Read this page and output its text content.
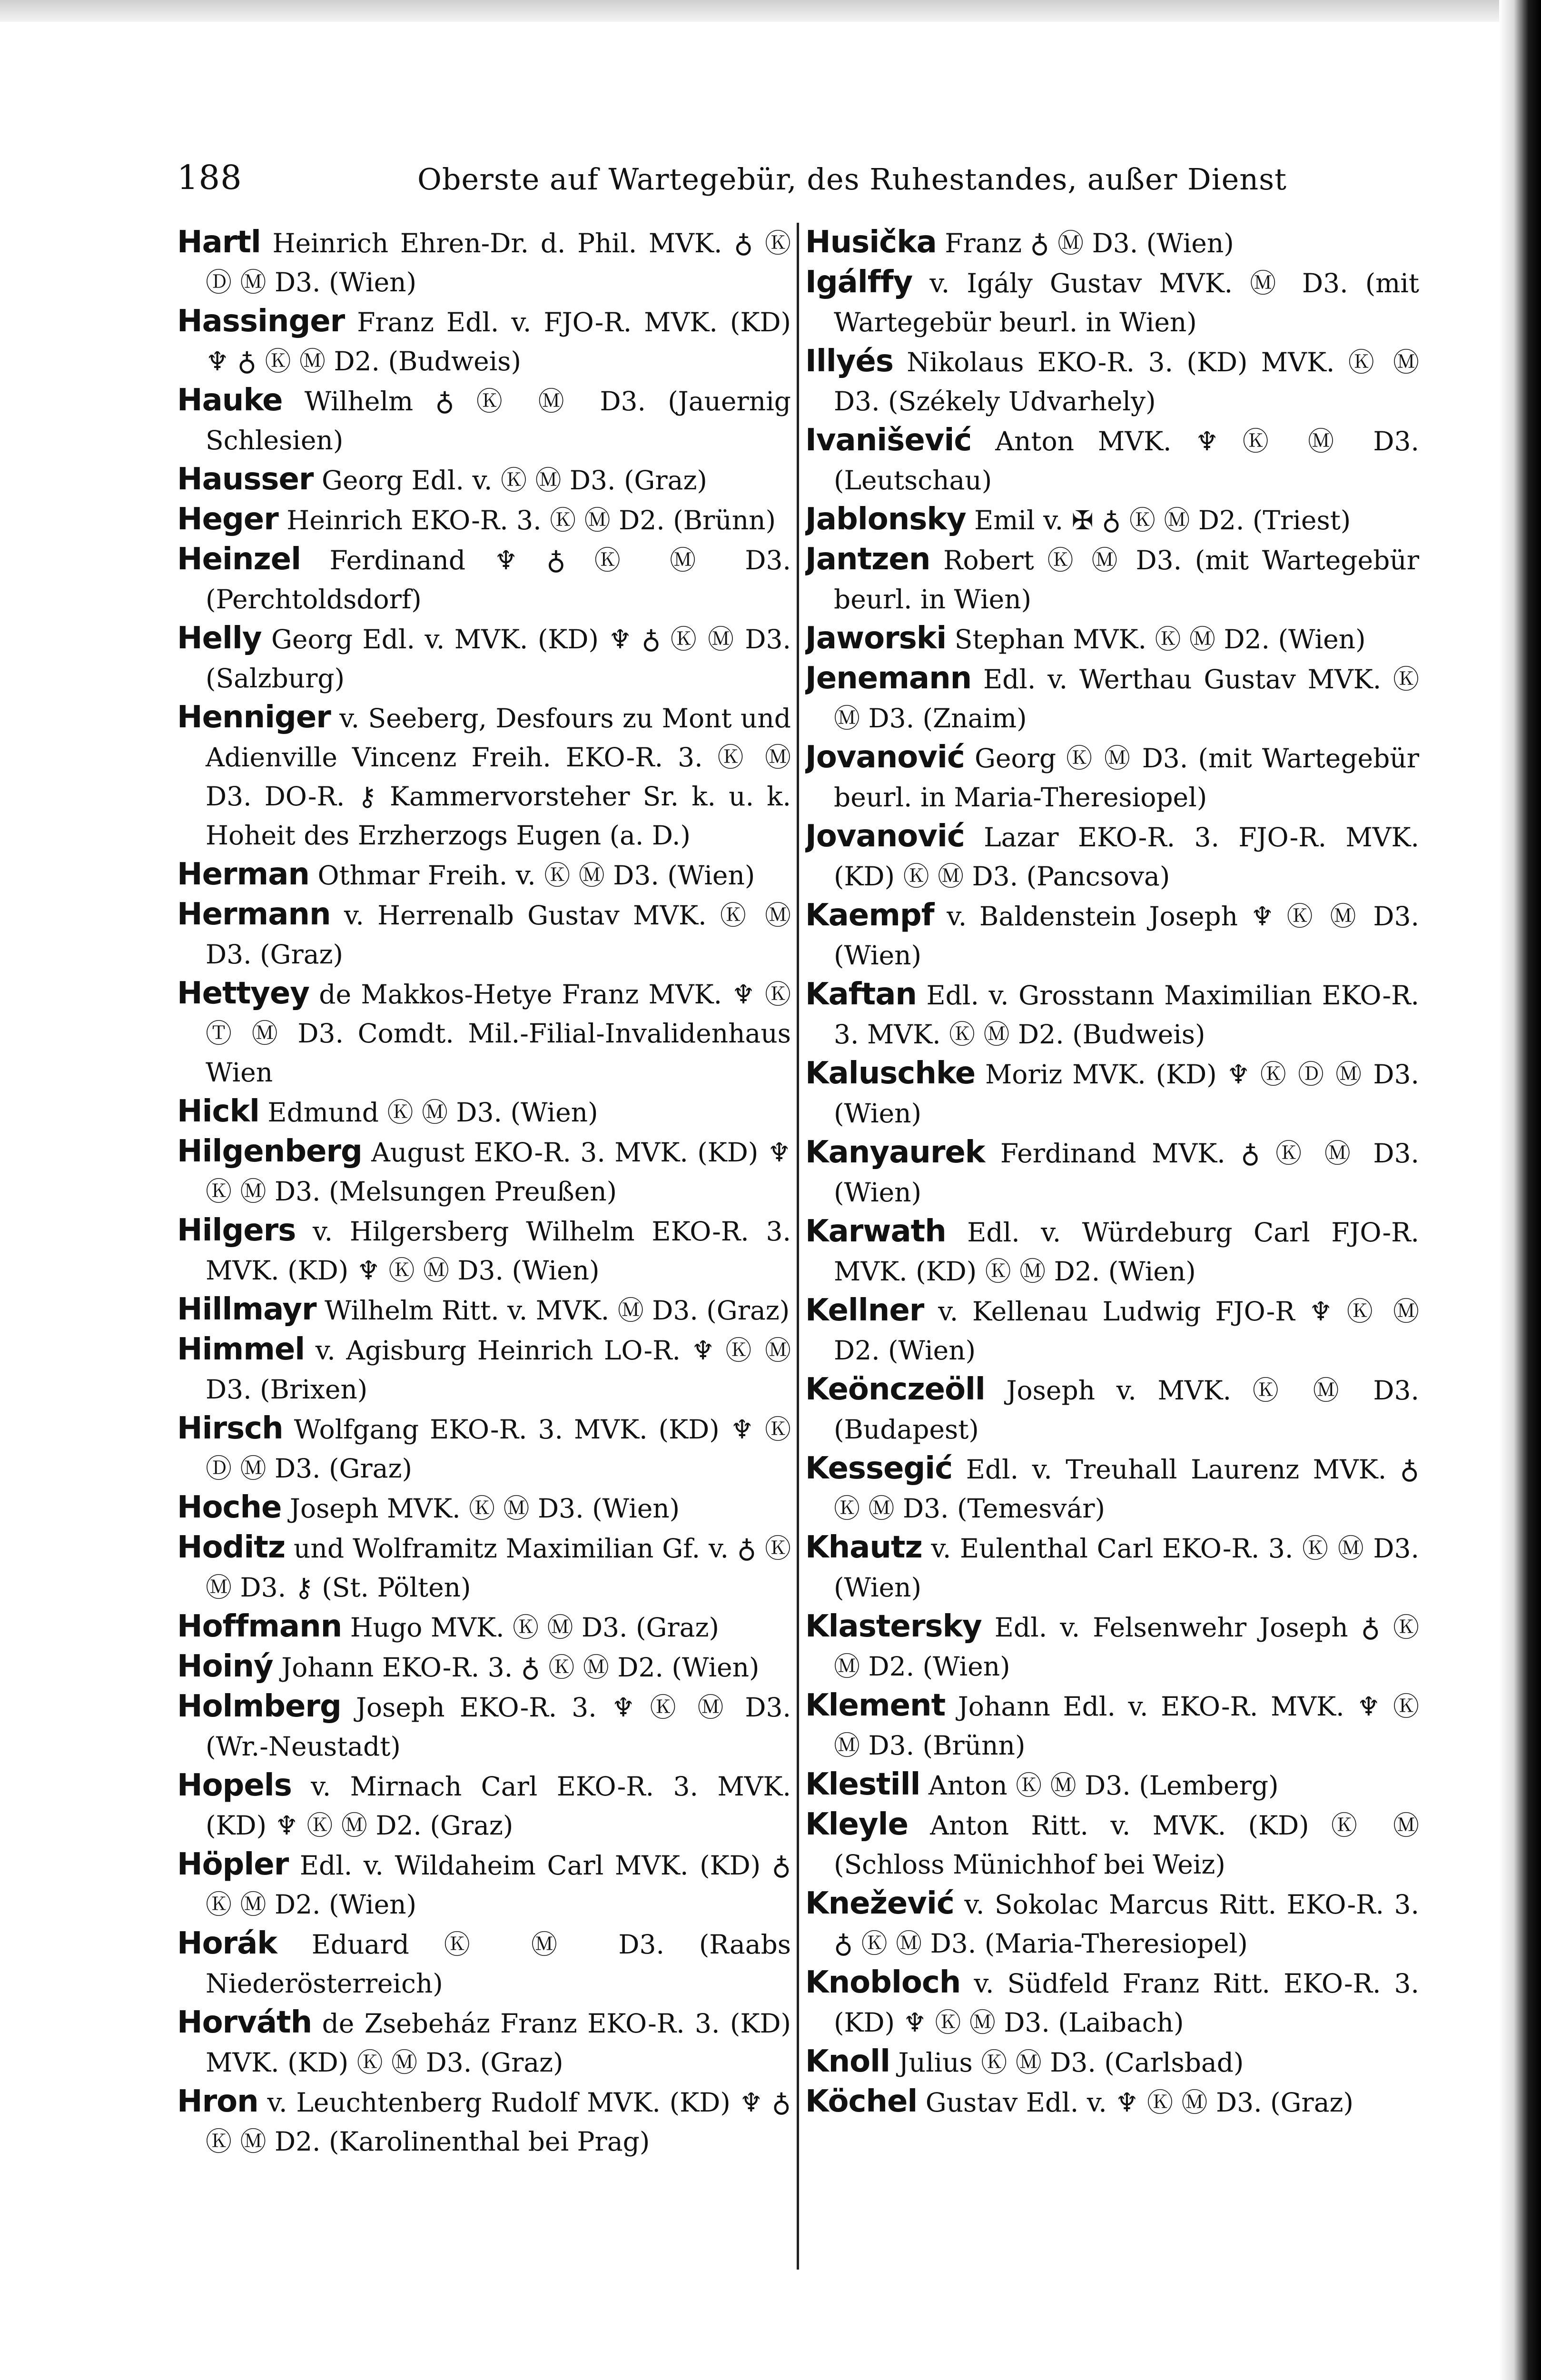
188	Oberste auf Wartegebür, des Ruhestandes, außer Dienst
Hartl Heinrich Ehren-Dr. d. Phil. MVK. ♁ Ⓚ Ⓓ Ⓜ D3. (Wien)
Hassinger Franz Edl. v. FJO-R. MVK. (KD) ♆ ♁ Ⓚ Ⓜ D2. (Budweis)
Hauke Wilhelm ♁ Ⓚ Ⓜ D3. (Jauernig Schlesien)
Hausser Georg Edl. v. Ⓚ Ⓜ D3. (Graz)
Heger Heinrich EKO-R. 3. Ⓚ Ⓜ D2. (Brünn)
Heinzel Ferdinand ♆ ♁ Ⓚ Ⓜ D3. (Perchtoldsdorf)
Helly Georg Edl. v. MVK. (KD) ♆ ♁ Ⓚ Ⓜ D3. (Salzburg)
Henniger v. Seeberg, Desfours zu Mont und Adienville Vincenz Freih. EKO-R. 3. Ⓚ Ⓜ D3. DO-R. ⚷ Kammervorsteher Sr. k. u. k. Hoheit des Erzherzogs Eugen (a. D.)
Herman Othmar Freih. v. Ⓚ Ⓜ D3. (Wien)
Hermann v. Herrenalb Gustav MVK. Ⓚ Ⓜ D3. (Graz)
Hettyey de Makkos-Hetye Franz MVK. ♆ Ⓚ Ⓣ Ⓜ D3. Comdt. Mil.-Filial-Invalidenhaus Wien
Hickl Edmund Ⓚ Ⓜ D3. (Wien)
Hilgenberg August EKO-R. 3. MVK. (KD) ♆ Ⓚ Ⓜ D3. (Melsungen Preußen)
Hilgers v. Hilgersberg Wilhelm EKO-R. 3. MVK. (KD) ♆ Ⓚ Ⓜ D3. (Wien)
Hillmayr Wilhelm Ritt. v. MVK. Ⓜ D3. (Graz)
Himmel v. Agisburg Heinrich LO-R. ♆ Ⓚ Ⓜ D3. (Brixen)
Hirsch Wolfgang EKO-R. 3. MVK. (KD) ♆ Ⓚ Ⓓ Ⓜ D3. (Graz)
Hoche Joseph MVK. Ⓚ Ⓜ D3. (Wien)
Hoditz und Wolframitz Maximilian Gf. v. ♁ Ⓚ Ⓜ D3. ⚷ (St. Pölten)
Hoffmann Hugo MVK. Ⓚ Ⓜ D3. (Graz)
Hoiný Johann EKO-R. 3. ♁ Ⓚ Ⓜ D2. (Wien)
Holmberg Joseph EKO-R. 3. ♆ Ⓚ Ⓜ D3. (Wr.-Neustadt)
Hopels v. Mirnach Carl EKO-R. 3. MVK. (KD) ♆ Ⓚ Ⓜ D2. (Graz)
Höpler Edl. v. Wildaheim Carl MVK. (KD) ♁ Ⓚ Ⓜ D2. (Wien)
Horák Eduard Ⓚ Ⓜ D3. (Raabs Niederösterreich)
Horváth de Zsebeház Franz EKO-R. 3. (KD) MVK. (KD) Ⓚ Ⓜ D3. (Graz)
Hron v. Leuchtenberg Rudolf MVK. (KD) ♆ ♁ Ⓚ Ⓜ D2. (Karolinenthal bei Prag)
Husička Franz ♁ Ⓜ D3. (Wien)
Igálffy v. Igály Gustav MVK. Ⓜ D3. (mit Wartegebür beurl. in Wien)
Illyés Nikolaus EKO-R. 3. (KD) MVK. Ⓚ Ⓜ D3. (Székely Udvarhely)
Ivanišević Anton MVK. ♆ Ⓚ Ⓜ D3. (Leutschau)
Jablonsky Emil v. ✠ ♁ Ⓚ Ⓜ D2. (Triest)
Jantzen Robert Ⓚ Ⓜ D3. (mit Wartegebür beurl. in Wien)
Jaworski Stephan MVK. Ⓚ Ⓜ D2. (Wien)
Jenemann Edl. v. Werthau Gustav MVK. Ⓚ Ⓜ D3. (Znaim)
Jovanović Georg Ⓚ Ⓜ D3. (mit Wartegebür beurl. in Maria-Theresiopel)
Jovanović Lazar EKO-R. 3. FJO-R. MVK. (KD) Ⓚ Ⓜ D3. (Pancsova)
Kaempf v. Baldenstein Joseph ♆ Ⓚ Ⓜ D3. (Wien)
Kaftan Edl. v. Grosstann Maximilian EKO-R. 3. MVK. Ⓚ Ⓜ D2. (Budweis)
Kaluschke Moriz MVK. (KD) ♆ Ⓚ Ⓓ Ⓜ D3. (Wien)
Kanyaurek Ferdinand MVK. ♁ Ⓚ Ⓜ D3. (Wien)
Karwath Edl. v. Würdeburg Carl FJO-R. MVK. (KD) Ⓚ Ⓜ D2. (Wien)
Kellner v. Kellenau Ludwig FJO-R ♆ Ⓚ Ⓜ D2. (Wien)
Keönczeöll Joseph v. MVK. Ⓚ Ⓜ D3. (Budapest)
Kessegić Edl. v. Treuhall Laurenz MVK. ♁ Ⓚ Ⓜ D3. (Temesvár)
Khautz v. Eulenthal Carl EKO-R. 3. Ⓚ Ⓜ D3. (Wien)
Klastersky Edl. v. Felsenwehr Joseph ♁ Ⓚ Ⓜ D2. (Wien)
Klement Johann Edl. v. EKO-R. MVK. ♆ Ⓚ Ⓜ D3. (Brünn)
Klestill Anton Ⓚ Ⓜ D3. (Lemberg)
Kleyle Anton Ritt. v. MVK. (KD) Ⓚ Ⓜ (Schloss Münichhof bei Weiz)
Knežević v. Sokolac Marcus Ritt. EKO-R. 3. ♁ Ⓚ Ⓜ D3. (Maria-Theresiopel)
Knobloch v. Südfeld Franz Ritt. EKO-R. 3. (KD) ♆ Ⓚ Ⓜ D3. (Laibach)
Knoll Julius Ⓚ Ⓜ D3. (Carlsbad)
Köchel Gustav Edl. v. ♆ Ⓚ Ⓜ D3. (Graz)
